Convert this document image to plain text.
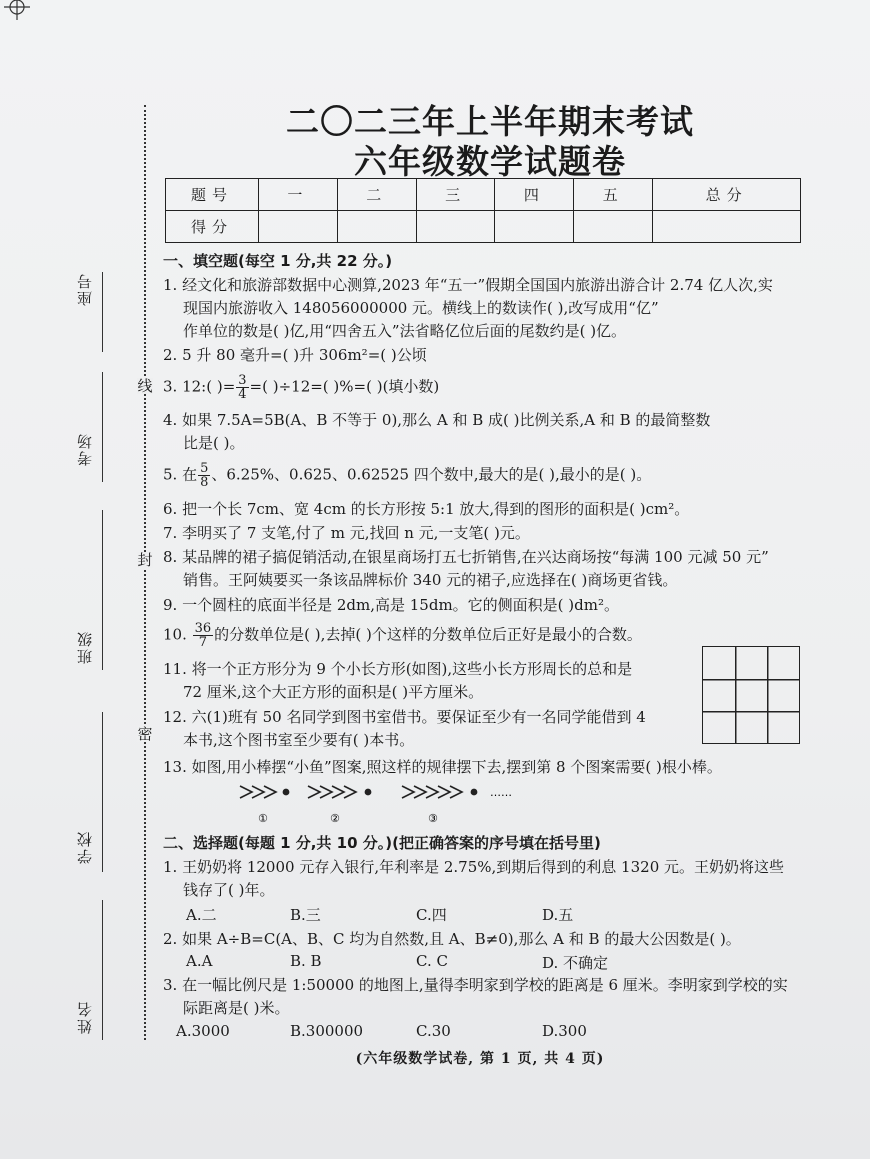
线
封
密
座号
考场
班级
学校
姓名
二〇二三年上半年期末考试
六年级数学试题卷
题号	一	二	三	四	五	总分
得分						
一、填空题(每空 1 分,共 22 分。)
1. 经文化和旅游部数据中心测算,2023 年“五一”假期全国国内旅游出游合计 2.74 亿人次,实
现国内旅游收入 148056000000 元。横线上的数读作( ),改写成用“亿”
作单位的数是( )亿,用“四舍五入”法省略亿位后面的尾数约是( )亿。
2. 5 升 80 毫升=( )升 306m²=( )公顷
3. 12:( )= $\frac{3}{4}$ =( )÷12=( )%=( )(填小数)
4. 如果 7.5A=5B(A、B 不等于 0),那么 A 和 B 成( )比例关系,A 和 B 的最简整数
比是( )。
5. 在 $\frac{5}{8}$ 、6.25%、0.625、0.62525 四个数中,最大的是( ),最小的是( )。
6. 把一个长 7cm、宽 4cm 的长方形按 5:1 放大,得到的图形的面积是( )cm²。
7. 李明买了 7 支笔,付了 m 元,找回 n 元,一支笔( )元。
8. 某品牌的裙子搞促销活动,在银星商场打五七折销售,在兴达商场按“每满 100 元减 50 元”
销售。王阿姨要买一条该品牌标价 340 元的裙子,应选择在( )商场更省钱。
9. 一个圆柱的底面半径是 2dm,高是 15dm。它的侧面积是( )dm²。
10. $\frac{36}{7}$ 的分数单位是( ),去掉( )个这样的分数单位后正好是最小的合数。
11. 将一个正方形分为 9 个小长方形(如图),这些小长方形周长的总和是
72 厘米,这个大正方形的面积是( )平方厘米。
12. 六(1)班有 50 名同学到图书室借书。要保证至少有一名同学能借到 4
本书,这个图书室至少要有( )本书。
13. 如图,用小棒摆“小鱼”图案,照这样的规律摆下去,摆到第 8 个图案需要( )根小棒。
①	②	③
……
二、选择题(每题 1 分,共 10 分。)(把正确答案的序号填在括号里)
1. 王奶奶将 12000 元存入银行,年利率是 2.75%,到期后得到的利息 1320 元。王奶奶将这些
钱存了( )年。
A.二	B.三	C.四	D.五
2. 如果 A÷B=C(A、B、C 均为自然数,且 A、B≠0),那么 A 和 B 的最大公因数是( )。
A.A	B. B	C. C	D. 不确定
3. 在一幅比例尺是 1:50000 的地图上,量得李明家到学校的距离是 6 厘米。李明家到学校的实
际距离是( )米。
A.3000	B.300000	C.30	D.300
(六年级数学试卷, 第 1 页, 共 4 页)
